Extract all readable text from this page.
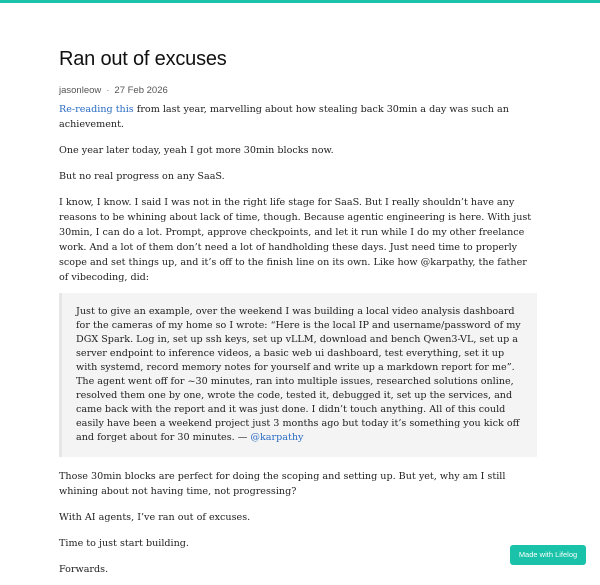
Ran out of excuses
jasonleow · 27 Feb 2026

Re-reading this from last year, marvelling about how stealing back 30min a day was such an achievement.

One year later today, yeah I got more 30min blocks now.

But no real progress on any SaaS.

I know, I know. I said I was not in the right life stage for SaaS. But I really shouldn’t have any reasons to be whining about lack of time, though. Because agentic engineering is here. With just 30min, I can do a lot. Prompt, approve checkpoints, and let it run while I do my other freelance work. And a lot of them don’t need a lot of handholding these days. Just need time to properly scope and set things up, and it’s off to the finish line on its own. Like how @karpathy, the father of vibecoding, did:

Just to give an example, over the weekend I was building a local video analysis dashboard for the cameras of my home so I wrote: “Here is the local IP and username/password of my DGX Spark. Log in, set up ssh keys, set up vLLM, download and bench Qwen3-VL, set up a server endpoint to inference videos, a basic web ui dashboard, test everything, set it up with systemd, record memory notes for yourself and write up a markdown report for me”. The agent went off for ~30 minutes, ran into multiple issues, researched solutions online, resolved them one by one, wrote the code, tested it, debugged it, set up the services, and came back with the report and it was just done. I didn’t touch anything. All of this could easily have been a weekend project just 3 months ago but today it’s something you kick off and forget about for 30 minutes. — @karpathy

Those 30min blocks are perfect for doing the scoping and setting up. But yet, why am I still whining about not having time, not progressing?

With AI agents, I’ve ran out of excuses.

Time to just start building.

Forwards.

Made with Lifelog
